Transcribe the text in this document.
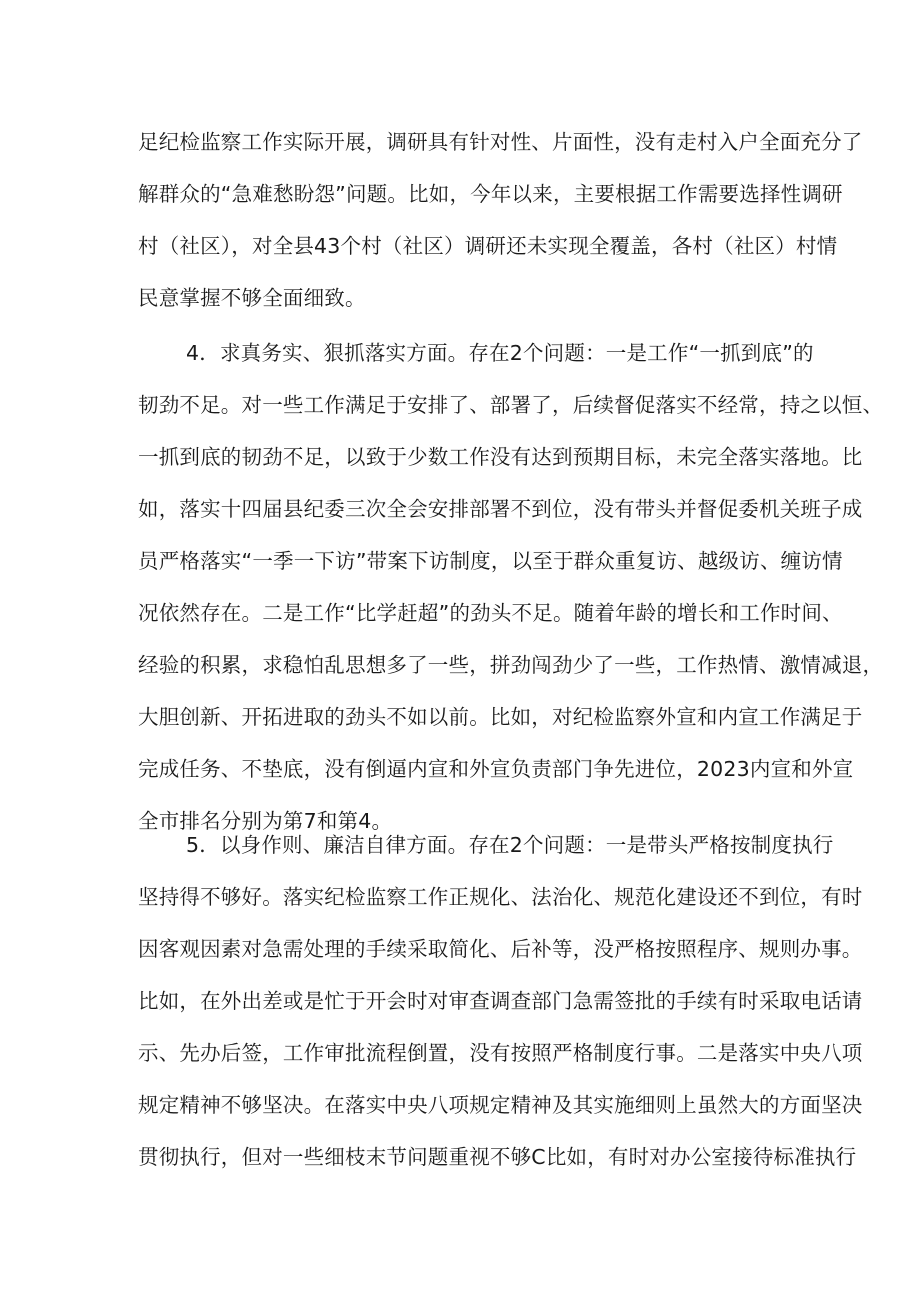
足纪检监察工作实际开展，调研具有针对性、片面性，没有走村入户全面充分了
解群众的“急难愁盼怨”问题。比如，今年以来，主要根据工作需要选择性调研
村（社区），对全县43个村（社区）调研还未实现全覆盖，各村（社区）村情
民意掌握不够全面细致。
4．求真务实、狠抓落实方面。存在2个问题：一是工作“一抓到底”的
韧劲不足。对一些工作满足于安排了、部署了，后续督促落实不经常，持之以恒、
一抓到底的韧劲不足，以致于少数工作没有达到预期目标，未完全落实落地。比
如，落实十四届县纪委三次全会安排部署不到位，没有带头并督促委机关班子成
员严格落实“一季一下访”带案下访制度，以至于群众重复访、越级访、缠访情
况依然存在。二是工作“比学赶超”的劲头不足。随着年龄的增长和工作时间、
经验的积累，求稳怕乱思想多了一些，拼劲闯劲少了一些，工作热情、激情减退，
大胆创新、开拓进取的劲头不如以前。比如，对纪检监察外宣和内宣工作满足于
完成任务、不垫底，没有倒逼内宣和外宣负责部门争先进位，2023内宣和外宣
全市排名分别为第7和第4。
5．以身作则、廉洁自律方面。存在2个问题：一是带头严格按制度执行
坚持得不够好。落实纪检监察工作正规化、法治化、规范化建设还不到位，有时
因客观因素对急需处理的手续采取简化、后补等，没严格按照程序、规则办事。
比如，在外出差或是忙于开会时对审查调查部门急需签批的手续有时采取电话请
示、先办后签，工作审批流程倒置，没有按照严格制度行事。二是落实中央八项
规定精神不够坚决。在落实中央八项规定精神及其实施细则上虽然大的方面坚决
贯彻执行，但对一些细枝末节问题重视不够C比如，有时对办公室接待标准执行
